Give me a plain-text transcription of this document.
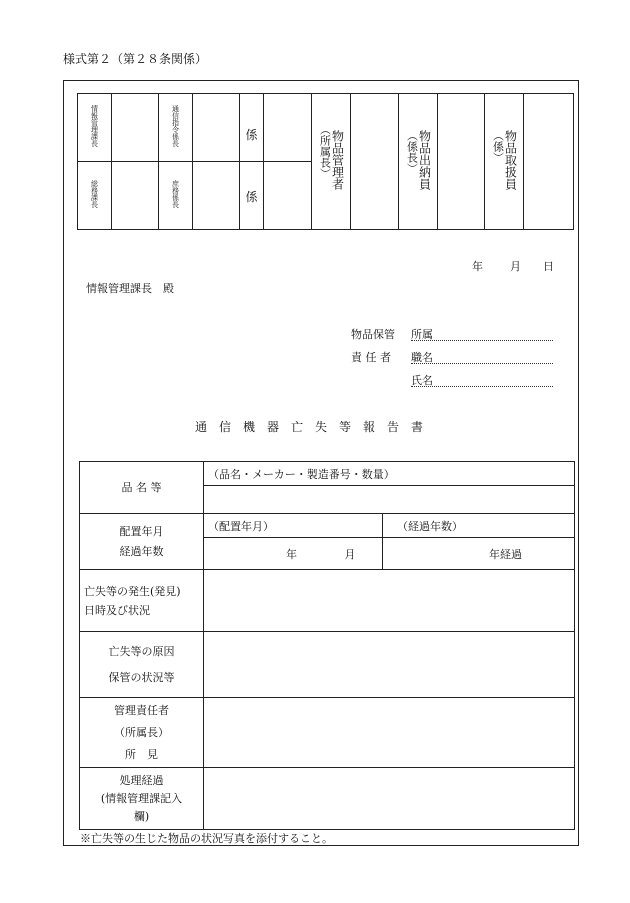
様式第２（第２８条関係）
情報管理課長		通信指令係長		係		（所属長）物品管理者		（係長）物品出納員		（係）物品取扱員	
総務課長		庶務係長		係							
年 月 日
情報管理課長　殿
物品保管
責 任 者
所属
職名
氏名
通信機器亡失等報告書
品 名 等	（品名・メーカー・製造番号・数量）	

配置年月
経過年数	（配置年月）	（経過年数）
	年 月	年経過

亡失等の発生(発見)
日時及び状況		

亡失等の原因
保管の状況等		

管理責任者
（所属長）
所　見		

処理経過
(情報管理課記入
欄)		

※亡失等の生じた物品の状況写真を添付すること。
